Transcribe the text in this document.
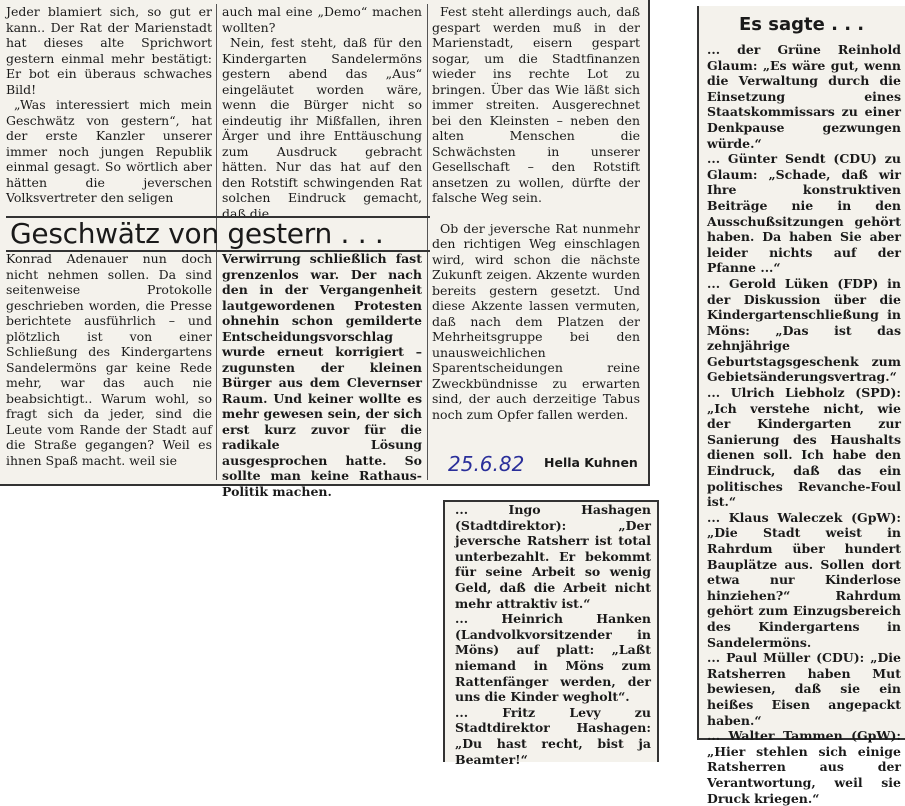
Jeder blamiert sich, so gut er kann.. Der Rat der Marienstadt hat dieses alte Sprichwort gestern einmal mehr bestätigt: Er bot ein überaus schwaches Bild!

„Was interessiert mich mein Geschwätz von gestern“, hat der erste Kanzler unserer immer noch jungen Republik einmal gesagt. So wörtlich aber hätten die jeverschen Volksvertreter den seligen

auch mal eine „Demo“ machen wollten?

Nein, fest steht, daß für den Kindergarten Sandelermöns gestern abend das „Aus“ eingeläutet worden wäre, wenn die Bürger nicht so eindeutig ihr Mißfallen, ihren Ärger und ihre Enttäuschung zum Ausdruck gebracht hätten. Nur das hat auf den den Rotstift schwingenden Rat solchen Eindruck gemacht, daß die

Fest steht allerdings auch, daß gespart werden muß in der Marienstadt, eisern gespart sogar, um die Stadtfinanzen wieder ins rechte Lot zu bringen. Über das Wie läßt sich immer streiten. Ausgerechnet bei den Kleinsten – neben den alten Menschen die Schwächsten in unserer Gesellschaft – den Rotstift ansetzen zu wollen, dürfte der falsche Weg sein.

Ob der jeversche Rat nunmehr den richtigen Weg einschlagen wird, wird schon die nächste Zukunft zeigen. Akzente wurden bereits gestern gesetzt. Und diese Akzente lassen vermuten, daß nach dem Platzen der Mehrheitsgruppe bei den unausweichlichen Sparentscheidungen reine Zweckbündnisse zu erwarten sind, der auch derzeitige Tabus noch zum Opfer fallen werden.

Geschwätz von gestern . . .

Konrad Adenauer nun doch nicht nehmen sollen. Da sind seitenweise Protokolle geschrieben worden, die Presse berichtete ausführlich – und plötzlich ist von einer Schließung des Kindergartens Sandelermöns gar keine Rede mehr, war das auch nie beabsichtigt.. Warum wohl, so fragt sich da jeder, sind die Leute vom Rande der Stadt auf die Straße gegangen? Weil es ihnen Spaß macht. weil sie

Verwirrung schließlich fast grenzenlos war. Der nach den in der Vergangenheit lautgewordenen Protesten ohnehin schon gemilderte Entscheidungsvorschlag wurde erneut korrigiert – zugunsten der kleinen Bürger aus dem Clevernser Raum. Und keiner wollte es mehr gewesen sein, der sich erst kurz zuvor für die radikale Lösung ausgesprochen hatte. So sollte man keine Rathaus-Politik machen.

25.6.82 Hella Kuhnen
Es sagte . . .

... der Grüne Reinhold Glaum: „Es wäre gut, wenn die Verwaltung durch die Einsetzung eines Staatskommissars zu einer Denkpause gezwungen würde.“

... Günter Sendt (CDU) zu Glaum: „Schade, daß wir Ihre konstruktiven Beiträge nie in den Ausschußsitzungen gehört haben. Da haben Sie aber leider nichts auf der Pfanne ...“

... Gerold Lüken (FDP) in der Diskussion über die Kindergartenschließung in Möns: „Das ist das zehnjährige Geburtstagsgeschenk zum Gebietsänderungsvertrag.“

... Ulrich Liebholz (SPD): „Ich verstehe nicht, wie der Kindergarten zur Sanierung des Haushalts dienen soll. Ich habe den Eindruck, daß das ein politisches Revanche-Foul ist.“

... Klaus Waleczek (GpW): „Die Stadt weist in Rahrdum über hundert Bauplätze aus. Sollen dort etwa nur Kinderlose hinziehen?“ Rahrdum gehört zum Einzugsbereich des Kindergartens in Sandelermöns.

... Paul Müller (CDU): „Die Ratsherren haben Mut bewiesen, daß sie ein heißes Eisen angepackt haben.“

... Walter Tammen (GpW): „Hier stehlen sich einige Ratsherren aus der Verantwortung, weil sie Druck kriegen.“

... Ingo Hashagen (Stadtdirektor): „Der jeversche Ratsherr ist total unterbezahlt. Er bekommt für seine Arbeit so wenig Geld, daß die Arbeit nicht mehr attraktiv ist.“

... Heinrich Hanken (Landvolkvorsitzender in Möns) auf platt: „Laßt niemand in Möns zum Rattenfänger werden, der uns die Kinder wegholt“.

... Fritz Levy zu Stadtdirektor Hashagen: „Du hast recht, bist ja Beamter!“
